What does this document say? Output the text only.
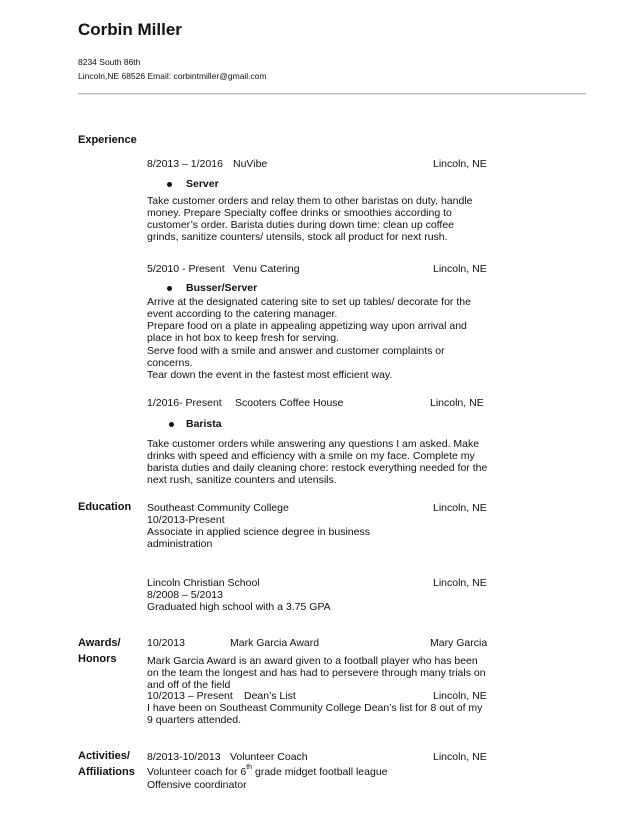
Corbin Miller
8234 South 86th
Lincoln,NE 68526 Email: corbintmiller@gmail.com
Experience
8/2013 – 1/2016 NuVibe	Lincoln, NE
Server
Take customer orders and relay them to other baristas on duty, handle
money. Prepare Specialty coffee drinks or smoothies according to
customer’s order. Barista duties during down time: clean up coffee
grinds, sanitize counters/ utensils, stock all product for next rush.
5/2010 - Present Venu Catering	Lincoln, NE
Busser/Server
Arrive at the designated catering site to set up tables/ decorate for the
event according to the catering manager.
Prepare food on a plate in appealing appetizing way upon arrival and
place in hot box to keep fresh for serving.
Serve food with a smile and answer and customer complaints or
concerns.
Tear down the event in the fastest most efficient way.
1/2016- Present Scooters Coffee House	Lincoln, NE
Barista
Take customer orders while answering any questions I am asked. Make
drinks with speed and efficiency with a smile on my face. Complete my
barista duties and daily cleaning chore: restock everything needed for the
next rush, sanitize counters and utensils.
Education Southeast Community College	Lincoln, NE
10/2013-Present
Associate in applied science degree in business
administration
Lincoln Christian School	Lincoln, NE
8/2008 – 5/2013
Graduated high school with a 3.75 GPA
Awards/
Honors
10/2013	Mark Garcia Award	Mary Garcia
Mark Garcia Award is an award given to a football player who has been
on the team the longest and has had to persevere through many trials on
and off of the field
10/2013 – Present Dean’s List	Lincoln, NE
I have been on Southeast Community College Dean’s list for 8 out of my
9 quarters attended.
Activities/
Affiliations
8/2013-10/2013 Volunteer Coach	Lincoln, NE
Volunteer coach for 6th grade midget football league
Offensive coordinator
